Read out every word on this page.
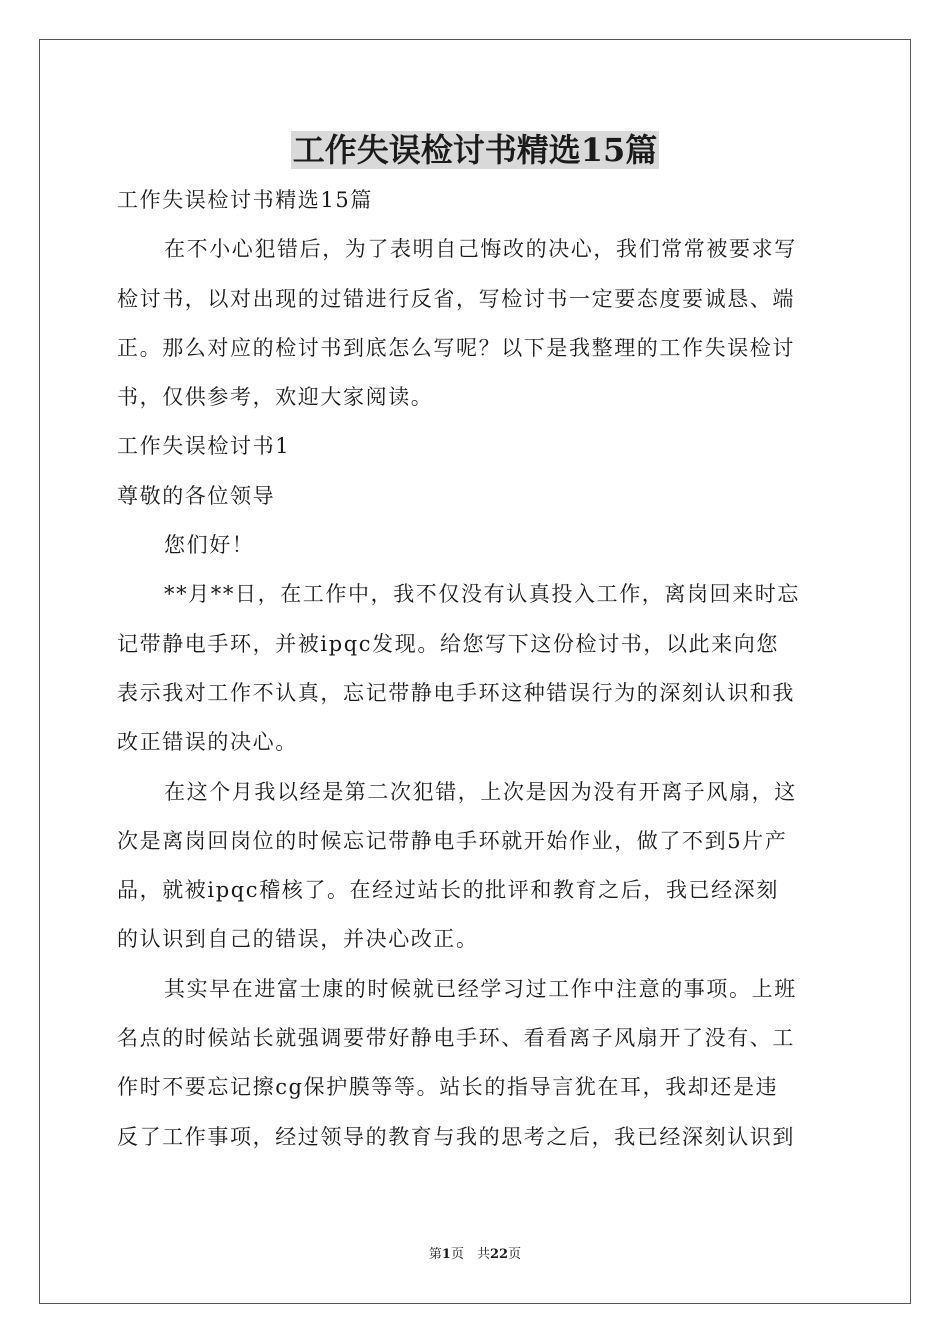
工作失误检讨书精选15篇
工作失误检讨书精选15篇
在不小心犯错后，为了表明自己悔改的决心，我们常常被要求写
检讨书，以对出现的过错进行反省，写检讨书一定要态度要诚恳、端
正。那么对应的检讨书到底怎么写呢？以下是我整理的工作失误检讨
书，仅供参考，欢迎大家阅读。
工作失误检讨书1
尊敬的各位领导
您们好！
**月**日，在工作中，我不仅没有认真投入工作，离岗回来时忘
记带静电手环，并被ipqc发现。给您写下这份检讨书，以此来向您
表示我对工作不认真，忘记带静电手环这种错误行为的深刻认识和我
改正错误的决心。
在这个月我以经是第二次犯错，上次是因为没有开离子风扇，这
次是离岗回岗位的时候忘记带静电手环就开始作业，做了不到5片产
品，就被ipqc稽核了。在经过站长的批评和教育之后，我已经深刻
的认识到自己的错误，并决心改正。
其实早在进富士康的时候就已经学习过工作中注意的事项。上班
名点的时候站长就强调要带好静电手环、看看离子风扇开了没有、工
作时不要忘记擦cg保护膜等等。站长的指导言犹在耳，我却还是违
反了工作事项，经过领导的教育与我的思考之后，我已经深刻认识到
第1页　共22页
